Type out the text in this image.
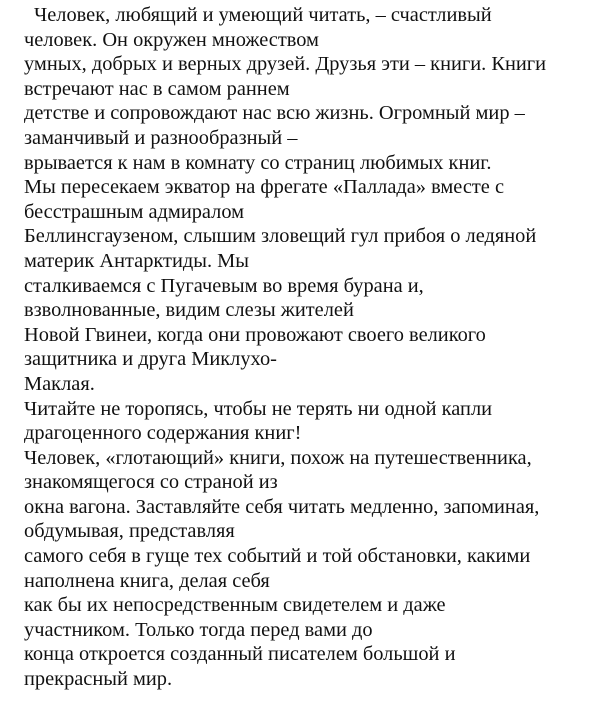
Человек, любящий и умеющий читать, – счастливый
человек. Он окружен множеством
умных, добрых и верных друзей. Друзья эти – книги. Книги
встречают нас в самом раннем
детстве и сопровождают нас всю жизнь. Огромный мир –
заманчивый и разнообразный –
врывается к нам в комнату со страниц любимых книг.
Мы пересекаем экватор на фрегате «Паллада» вместе с
бесстрашным адмиралом
Беллинсгаузеном, слышим зловещий гул прибоя о ледяной
материк Антарктиды. Мы
сталкиваемся с Пугачевым во время бурана и,
взволнованные, видим слезы жителей
Новой Гвинеи, когда они провожают своего великого
защитника и друга Миклухо-
Маклая.
Читайте не торопясь, чтобы не терять ни одной капли
драгоценного содержания книг!
Человек, «глотающий» книги, похож на путешественника,
знакомящегося со страной из
окна вагона. Заставляйте себя читать медленно, запоминая,
обдумывая, представляя
самого себя в гуще тех событий и той обстановки, какими
наполнена книга, делая себя
как бы их непосредственным свидетелем и даже
участником. Только тогда перед вами до
конца откроется созданный писателем большой и
прекрасный мир.
